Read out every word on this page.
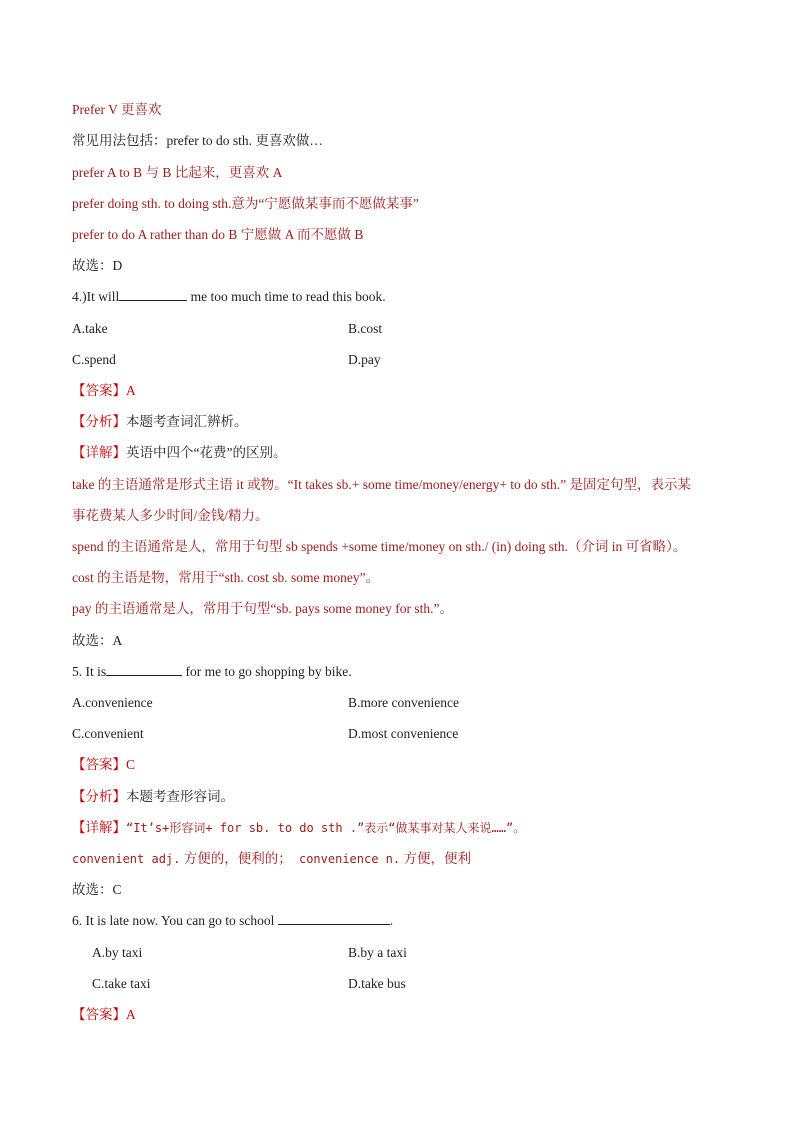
Prefer V 更喜欢
常见用法包括：prefer to do sth. 更喜欢做…
prefer A to B 与 B 比起来，更喜欢 A
prefer doing sth. to doing sth.意为“宁愿做某事而不愿做某事”
prefer to do A rather than do B 宁愿做 A 而不愿做 B
故选：D
4.)It will	me too much time to read this book.
A.take	B.cost
C.spend	D.pay
【答案】A
【分析】本题考查词汇辨析。
【详解】英语中四个“花费”的区别。
take 的主语通常是形式主语 it 或物。“It takes sb.+ some time/money/energy+ to do sth.” 是固定句型，表示某
事花费某人多少时间/金钱/精力。
spend 的主语通常是人，常用于句型 sb spends +some time/money on sth./ (in) doing sth.（介词 in 可省略）。
cost 的主语是物，常用于“sth. cost sb. some money”。
pay 的主语通常是人，常用于句型“sb. pays some money for sth.”。
故选：A
5. It is	for me to go shopping by bike.
A.convenience	B.more convenience
C.convenient	D.most convenience
【答案】C
【分析】本题考查形容词。
【详解】“It’s+形容词+ for sb. to do sth .”表示“做某事对某人来说……”。
convenient adj. 方便的，便利的； convenience n. 方便，便利
故选：C
6. It is late now. You can go to school	.
A.by taxi	B.by a taxi
C.take taxi	D.take bus
【答案】A
